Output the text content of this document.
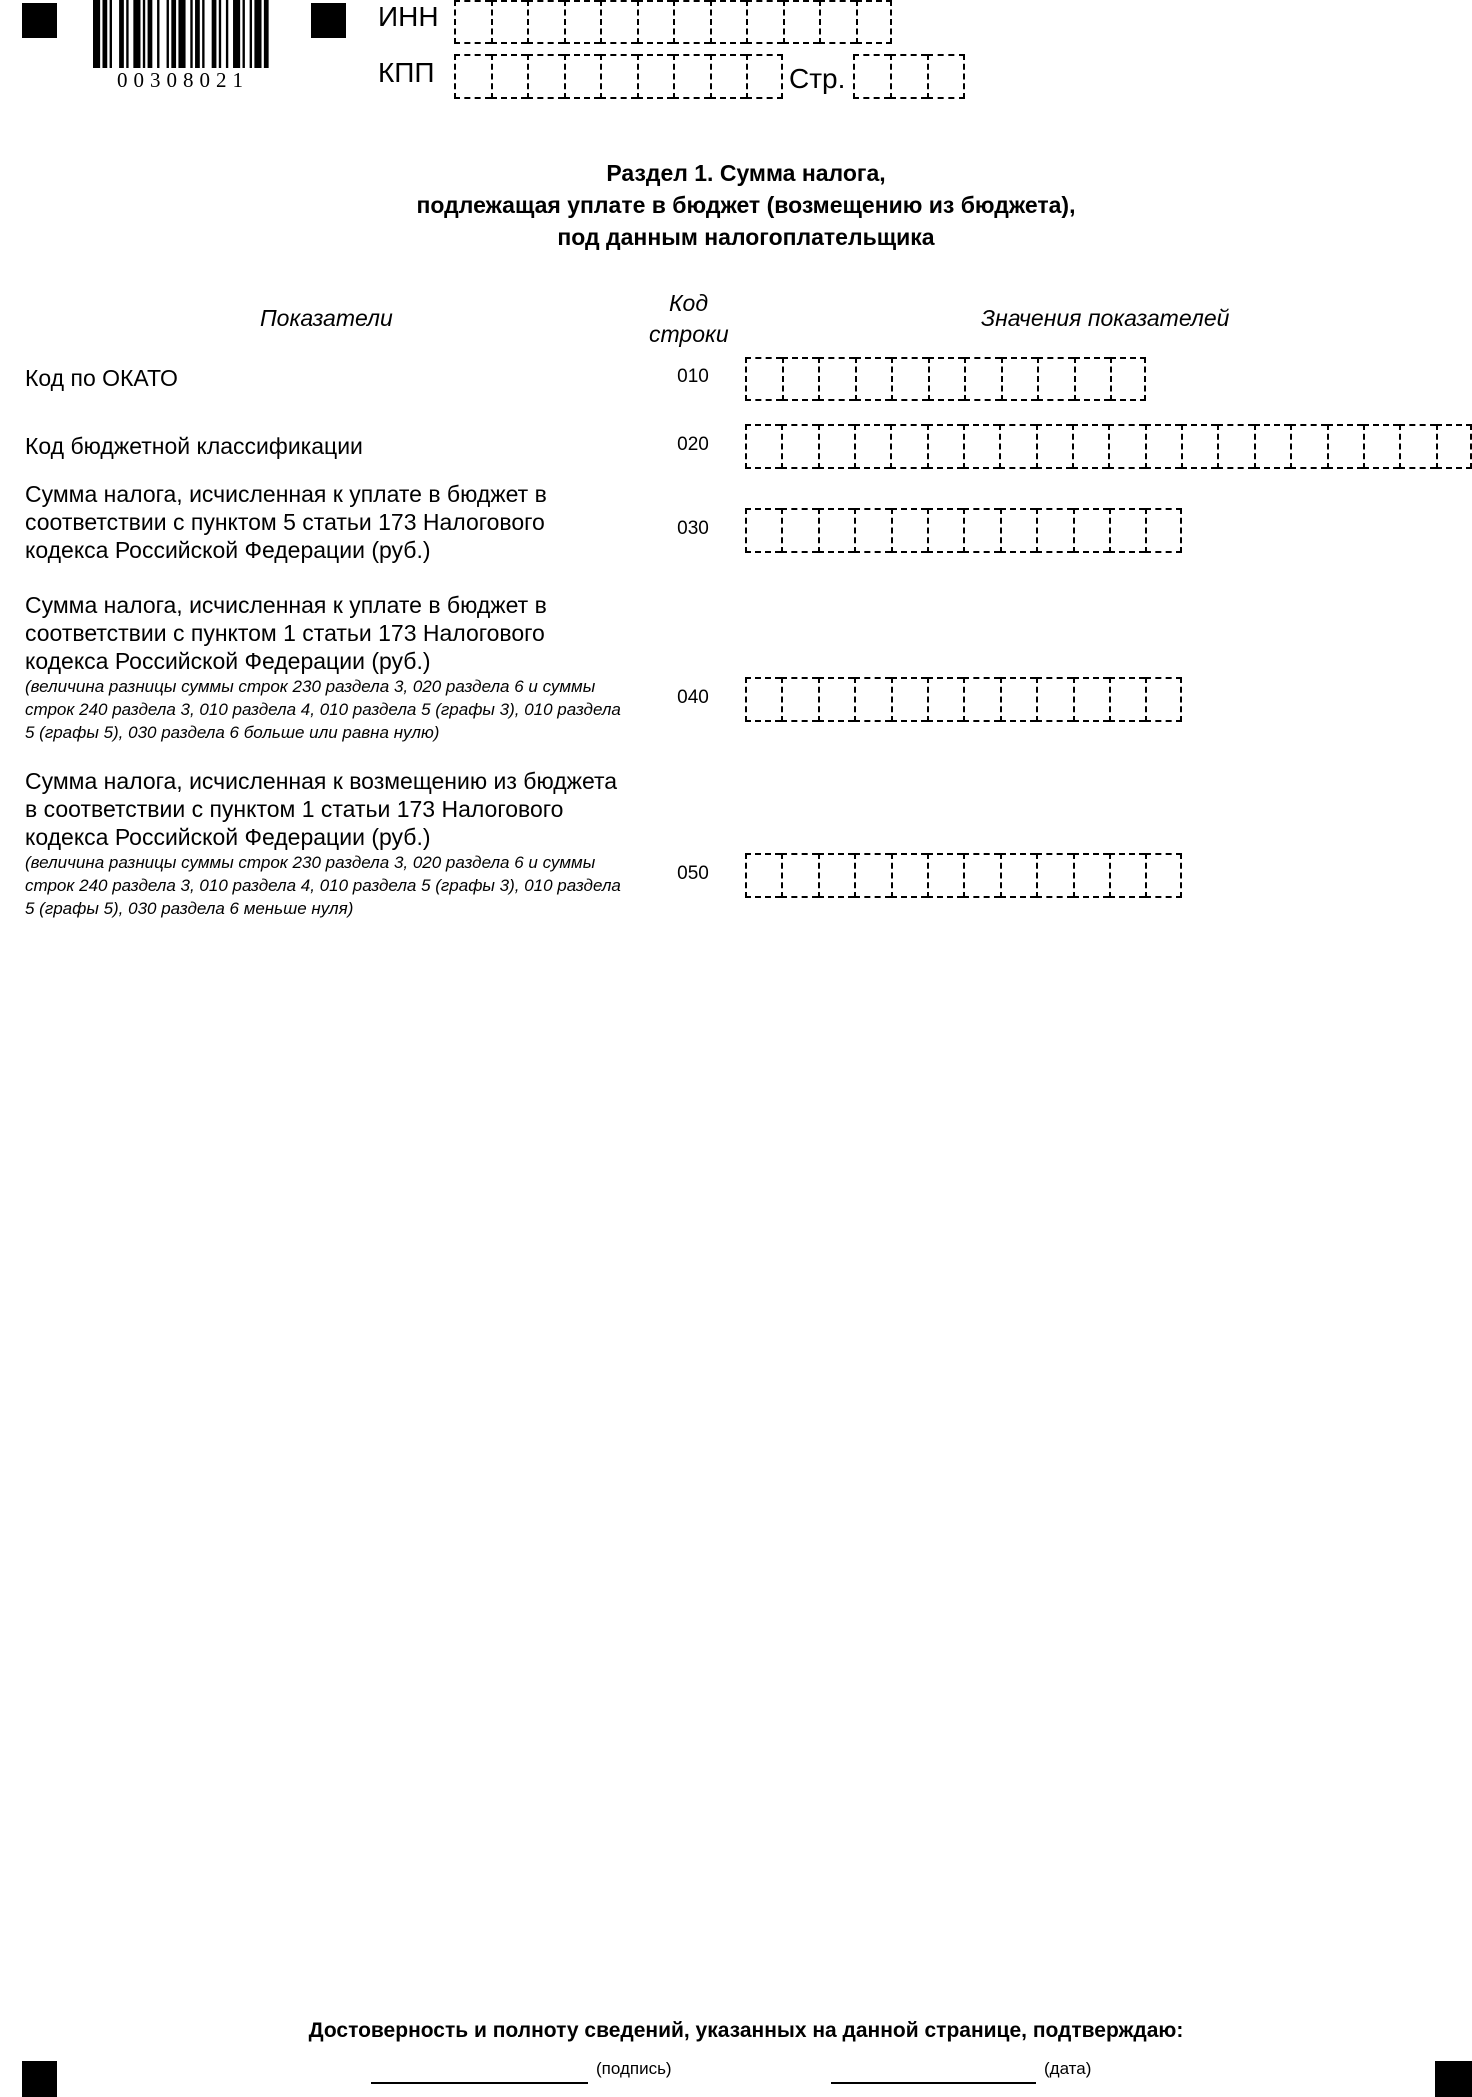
00308021
ИНН
КПП	Стр.
Раздел 1. Сумма налога,
подлежащая уплате в бюджет (возмещению из бюджета),
под данным налогоплательщика
Показатели
Код
строки
Значения показателей
Код по ОКАТО	010
Код бюджетной классификации	020
Сумма налога, исчисленная к уплате в бюджет в соответствии с пунктом 5 статьи 173 Налогового кодекса Российской Федерации (руб.)
030
Сумма налога, исчисленная к уплате в бюджет в соответствии с пунктом 1 статьи 173 Налогового кодекса Российской Федерации (руб.)
(величина разницы суммы строк 230 раздела 3, 020 раздела 6 и суммы строк 240 раздела 3, 010 раздела 4, 010 раздела 5 (графы 3), 010 раздела 5 (графы 5), 030 раздела 6 больше или равна нулю)
040
Сумма налога, исчисленная к возмещению из бюджета в соответствии с пунктом 1 статьи 173 Налогового кодекса Российской Федерации (руб.)
(величина разницы суммы строк 230 раздела 3, 020 раздела 6 и суммы строк 240 раздела 3, 010 раздела 4, 010 раздела 5 (графы 3), 010 раздела 5 (графы 5), 030 раздела 6 меньше нуля)
050
Достоверность и полноту сведений, указанных на данной странице, подтверждаю:
(подпись)	(дата)
